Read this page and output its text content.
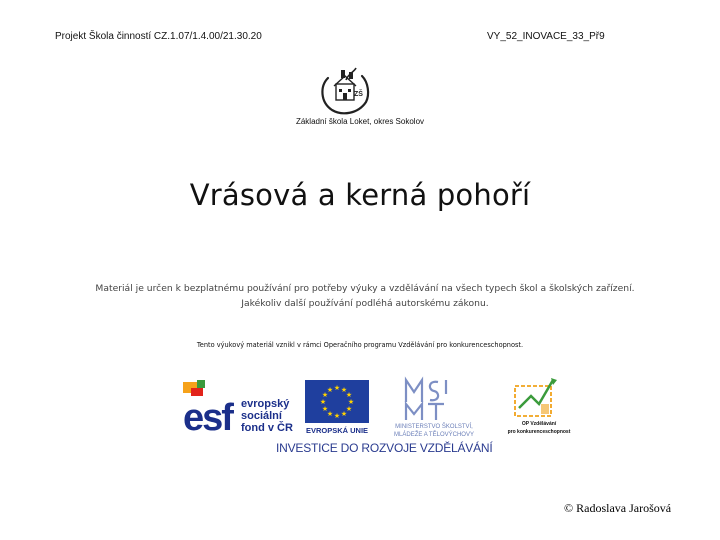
Projekt Škola činností CZ.1.07/1.4.00/21.30.20	VY_52_INOVACE_33_Př9
ZŠ
Základní škola Loket, okres Sokolov
Vrásová a kerná pohoří
Materiál je určen k bezplatnému používání pro potřeby výuky a vzdělávání na všech typech škol a školských zařízení.
Jakékoliv další používání podléhá autorskému zákonu.
Tento výukový materiál vznikl v rámci Operačního programu Vzdělávání pro konkurenceschopnost.
esf evropský
sociální
fond v ČR
★ ★
★
★
★
★
★
★
★
★
★
★
EVROPSKÁ UNIE	MINISTERSTVO ŠKOLSTVÍ,
MLÁDEŽE A TĚLOVÝCHOVY
OP Vzdělávání
pro konkurenceschopnost
INVESTICE DO ROZVOJE VZDĚLÁVÁNÍ
© Radoslava Jarošová
